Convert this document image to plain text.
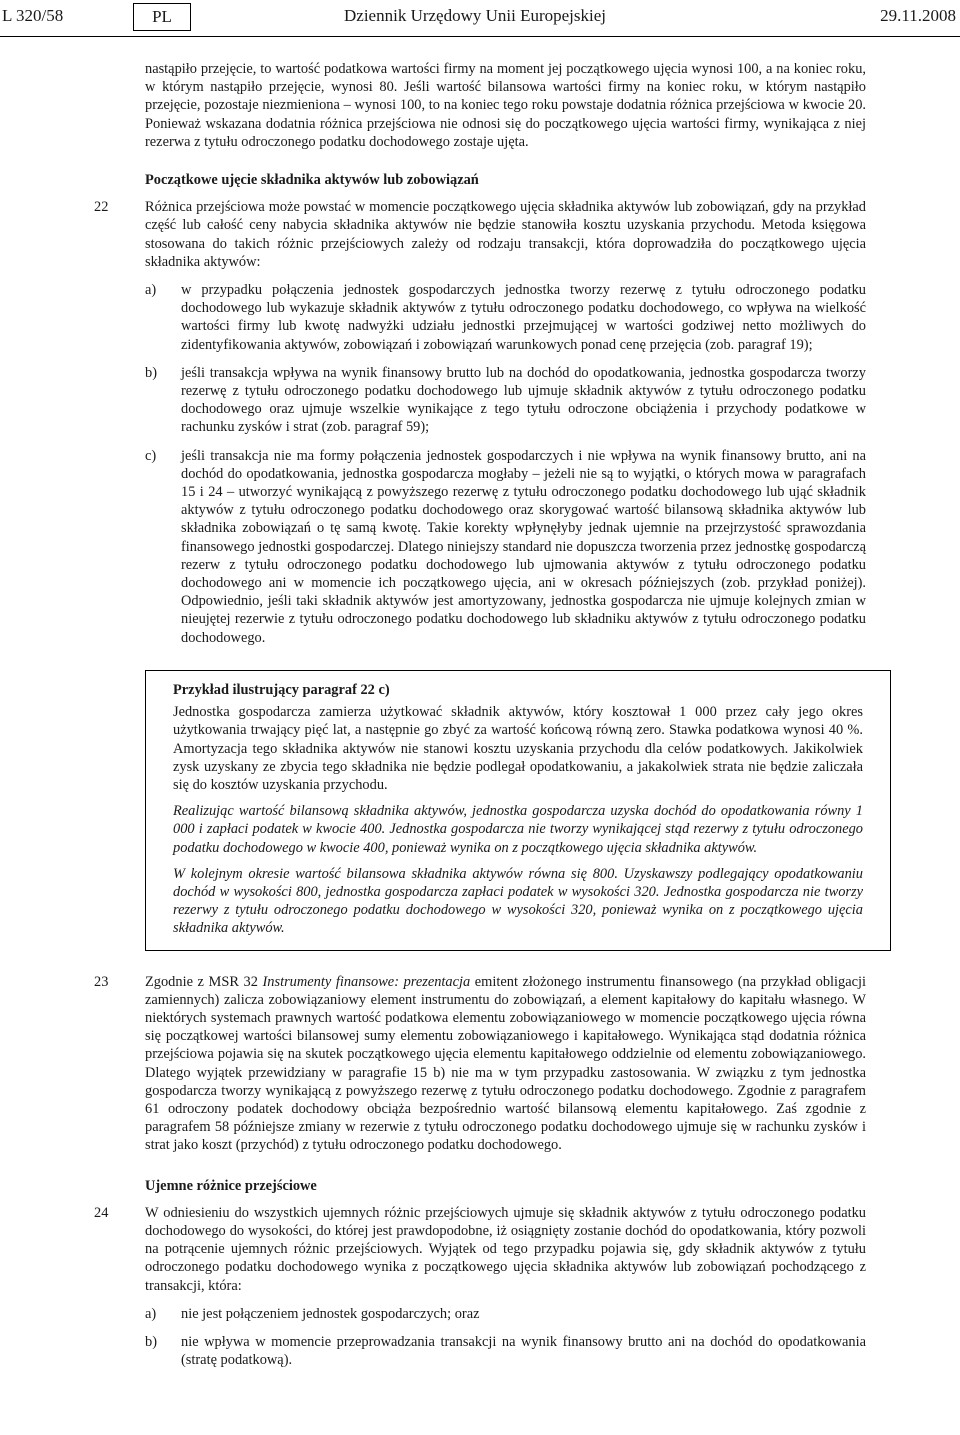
L 320/58	PL	Dziennik Urzędowy Unii Europejskiej	29.11.2008

nastąpiło przejęcie, to wartość podatkowa wartości firmy na moment jej początkowego ujęcia wynosi 100, a na koniec roku, w którym nastąpiło przejęcie, wynosi 80. Jeśli wartość bilansowa wartości firmy na koniec roku, w którym nastąpiło przejęcie, pozostaje niezmieniona – wynosi 100, to na koniec tego roku powstaje dodatnia różnica przejściowa w kwocie 20. Ponieważ wskazana dodatnia różnica przejściowa nie odnosi się do początkowego ujęcia wartości firmy, wynikająca z niej rezerwa z tytułu odroczonego podatku dochodowego zostaje ujęta.

Początkowe ujęcie składnika aktywów lub zobowiązań

22	Różnica przejściowa może powstać w momencie początkowego ujęcia składnika aktywów lub zobowiązań, gdy na przykład część lub całość ceny nabycia składnika aktywów nie będzie stanowiła kosztu uzyskania przychodu. Metoda księgowa stosowana do takich różnic przejściowych zależy od rodzaju transakcji, która doprowadziła do początkowego ujęcia składnika aktywów:

a) w przypadku połączenia jednostek gospodarczych jednostka tworzy rezerwę z tytułu odroczonego podatku dochodowego lub wykazuje składnik aktywów z tytułu odroczonego podatku dochodowego, co wpływa na wielkość wartości firmy lub kwotę nadwyżki udziału jednostki przejmującej w wartości godziwej netto możliwych do zidentyfikowania aktywów, zobowiązań i zobowiązań warunkowych ponad cenę przejęcia (zob. paragraf 19);

b) jeśli transakcja wpływa na wynik finansowy brutto lub na dochód do opodatkowania, jednostka gospodarcza tworzy rezerwę z tytułu odroczonego podatku dochodowego lub ujmuje składnik aktywów z tytułu odroczonego podatku dochodowego oraz ujmuje wszelkie wynikające z tego tytułu odroczone obciążenia i przychody podatkowe w rachunku zysków i strat (zob. paragraf 59);

c) jeśli transakcja nie ma formy połączenia jednostek gospodarczych i nie wpływa na wynik finansowy brutto, ani na dochód do opodatkowania, jednostka gospodarcza mogłaby – jeżeli nie są to wyjątki, o których mowa w paragrafach 15 i 24 – utworzyć wynikającą z powyższego rezerwę z tytułu odroczonego podatku dochodowego lub ująć składnik aktywów z tytułu odroczonego podatku dochodowego oraz skorygować wartość bilansową składnika aktywów lub składnika zobowiązań o tę samą kwotę. Takie korekty wpłynęłyby jednak ujemnie na przejrzystość sprawozdania finansowego jednostki gospodarczej. Dlatego niniejszy standard nie dopuszcza tworzenia przez jednostkę gospodarczą rezerw z tytułu odroczonego podatku dochodowego lub ujmowania aktywów z tytułu odroczonego podatku dochodowego ani w momencie ich początkowego ujęcia, ani w okresach późniejszych (zob. przykład poniżej). Odpowiednio, jeśli taki składnik aktywów jest amortyzowany, jednostka gospodarcza nie ujmuje kolejnych zmian w nieujętej rezerwie z tytułu odroczonego podatku dochodowego lub składniku aktywów z tytułu odroczonego podatku dochodowego.

Przykład ilustrujący paragraf 22 c)

Jednostka gospodarcza zamierza użytkować składnik aktywów, który kosztował 1 000 przez cały jego okres użytkowania trwający pięć lat, a następnie go zbyć za wartość końcową równą zero. Stawka podatkowa wynosi 40 %. Amortyzacja tego składnika aktywów nie stanowi kosztu uzyskania przychodu dla celów podatkowych. Jakikolwiek zysk uzyskany ze zbycia tego składnika nie będzie podlegał opodatkowaniu, a jakakolwiek strata nie będzie zaliczała się do kosztów uzyskania przychodu.

Realizując wartość bilansową składnika aktywów, jednostka gospodarcza uzyska dochód do opodatkowania równy 1 000 i zapłaci podatek w kwocie 400. Jednostka gospodarcza nie tworzy wynikającej stąd rezerwy z tytułu odroczonego podatku dochodowego w kwocie 400, ponieważ wynika on z początkowego ujęcia składnika aktywów.

W kolejnym okresie wartość bilansowa składnika aktywów równa się 800. Uzyskawszy podlegający opodatkowaniu dochód w wysokości 800, jednostka gospodarcza zapłaci podatek w wysokości 320. Jednostka gospodarcza nie tworzy rezerwy z tytułu odroczonego podatku dochodowego w wysokości 320, ponieważ wynika on z początkowego ujęcia składnika aktywów.

23	Zgodnie z MSR 32 Instrumenty finansowe: prezentacja emitent złożonego instrumentu finansowego (na przykład obligacji zamiennych) zalicza zobowiązaniowy element instrumentu do zobowiązań, a element kapitałowy do kapitału własnego. W niektórych systemach prawnych wartość podatkowa elementu zobowiązaniowego w momencie początkowego ujęcia równa się początkowej wartości bilansowej sumy elementu zobowiązaniowego i kapitałowego. Wynikająca stąd dodatnia różnica przejściowa pojawia się na skutek początkowego ujęcia elementu kapitałowego oddzielnie od elementu zobowiązaniowego. Dlatego wyjątek przewidziany w paragrafie 15 b) nie ma w tym przypadku zastosowania. W związku z tym jednostka gospodarcza tworzy wynikającą z powyższego rezerwę z tytułu odroczonego podatku dochodowego. Zgodnie z paragrafem 61 odroczony podatek dochodowy obciąża bezpośrednio wartość bilansową elementu kapitałowego. Zaś zgodnie z paragrafem 58 późniejsze zmiany w rezerwie z tytułu odroczonego podatku dochodowego ujmuje się w rachunku zysków i strat jako koszt (przychód) z tytułu odroczonego podatku dochodowego.

Ujemne różnice przejściowe

24	W odniesieniu do wszystkich ujemnych różnic przejściowych ujmuje się składnik aktywów z tytułu odroczonego podatku dochodowego do wysokości, do której jest prawdopodobne, iż osiągnięty zostanie dochód do opodatkowania, który pozwoli na potrącenie ujemnych różnic przejściowych. Wyjątek od tego przypadku pojawia się, gdy składnik aktywów z tytułu odroczonego podatku dochodowego wynika z początkowego ujęcia składnika aktywów lub zobowiązań pochodzącego z transakcji, która:

a) nie jest połączeniem jednostek gospodarczych; oraz

b) nie wpływa w momencie przeprowadzania transakcji na wynik finansowy brutto ani na dochód do opodatkowania (stratę podatkową).
